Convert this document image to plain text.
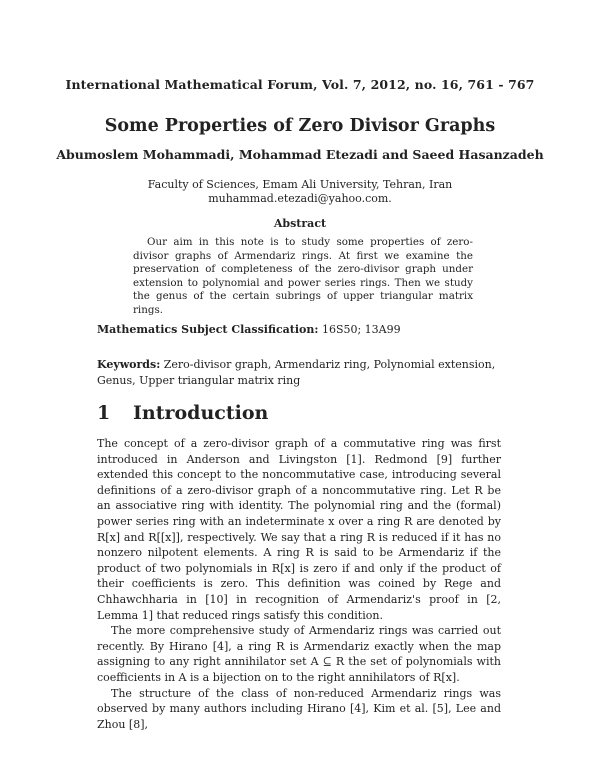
International Mathematical Forum, Vol. 7, 2012, no. 16, 761 - 767
Some Properties of Zero Divisor Graphs
Abumoslem Mohammadi, Mohammad Etezadi and Saeed Hasanzadeh
Faculty of Sciences, Emam Ali University, Tehran, Iran
muhammad.etezadi@yahoo.com.
Abstract
Our aim in this note is to study some properties of zero-divisor graphs of Armendariz rings. At first we examine the preservation of completeness of the zero-divisor graph under extension to polynomial and power series rings. Then we study the genus of the certain subrings of upper triangular matrix rings.
Mathematics Subject Classification: 16S50; 13A99
Keywords: Zero-divisor graph, Armendariz ring, Polynomial extension, Genus, Upper triangular matrix ring
1 Introduction

The concept of a zero-divisor graph of a commutative ring was first introduced in Anderson and Livingston [1]. Redmond [9] further extended this concept to the noncommutative case, introducing several definitions of a zero-divisor graph of a noncommutative ring. Let R be an associative ring with identity. The polynomial ring and the (formal) power series ring with an indeterminate x over a ring R are denoted by R[x] and R[[x]], respectively. We say that a ring R is reduced if it has no nonzero nilpotent elements. A ring R is said to be Armendariz if the product of two polynomials in R[x] is zero if and only if the product of their coefficients is zero. This definition was coined by Rege and Chhawchharia in [10] in recognition of Armendariz's proof in [2, Lemma 1] that reduced rings satisfy this condition.

The more comprehensive study of Armendariz rings was carried out recently. By Hirano [4], a ring R is Armendariz exactly when the map assigning to any right annihilator set A ⊆ R the set of polynomials with coefficients in A is a bijection on to the right annihilators of R[x].

The structure of the class of non-reduced Armendariz rings was observed by many authors including Hirano [4], Kim et al. [5], Lee and Zhou [8],
